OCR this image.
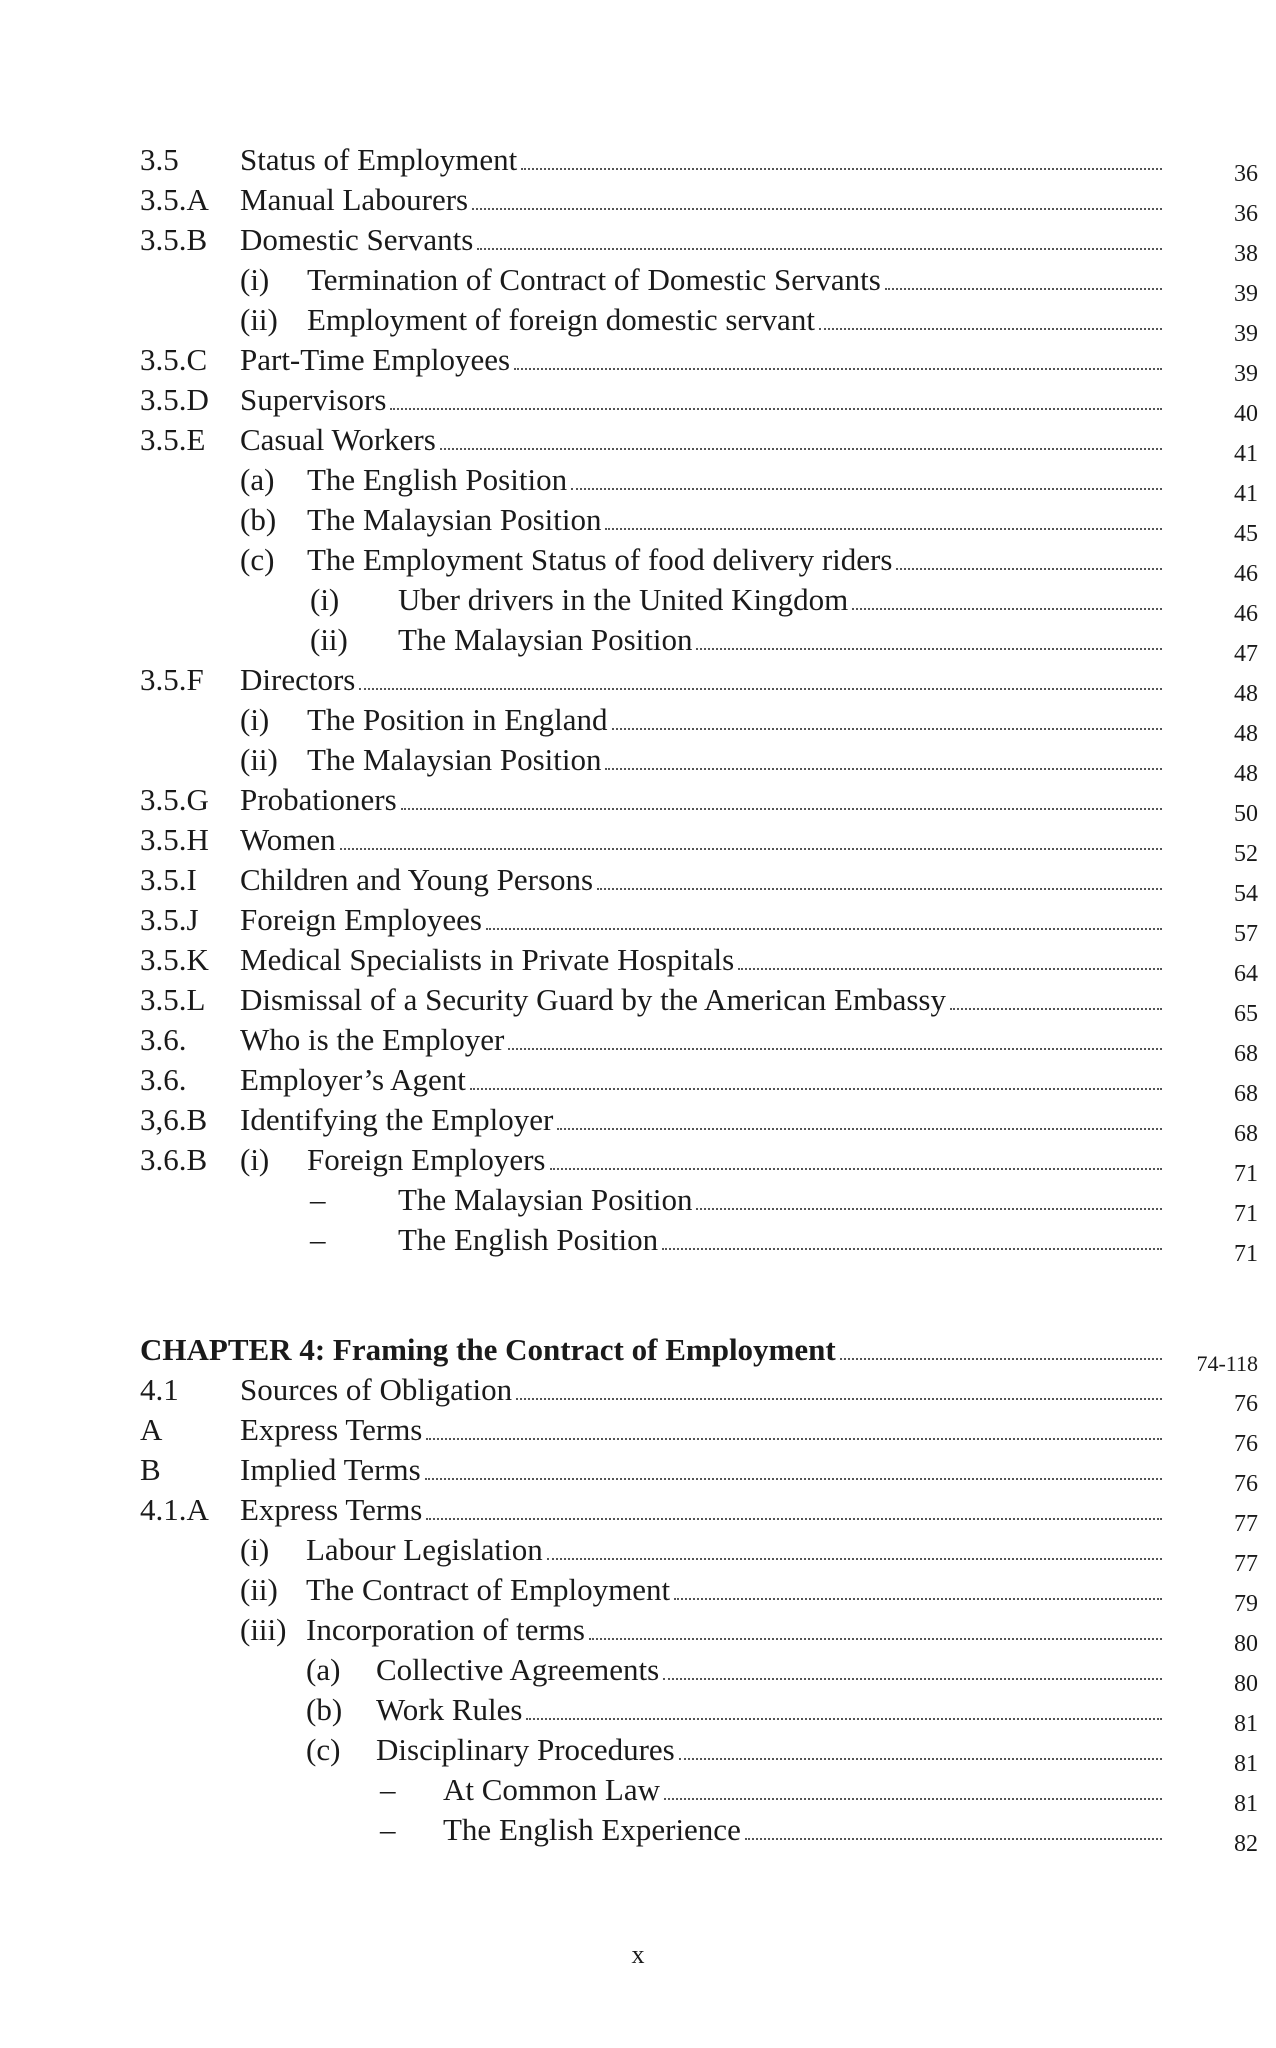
3.5 Status of Employment	36
3.5.A Manual Labourers	36
3.5.B Domestic Servants	38
(i) Termination of Contract of Domestic Servants	39
(ii) Employment of foreign domestic servant	39
3.5.C Part-Time Employees	39
3.5.D Supervisors	40
3.5.E Casual Workers	41
(a) The English Position	41
(b) The Malaysian Position	45
(c) The Employment Status of food delivery riders	46
(i) Uber drivers in the United Kingdom	46
(ii) The Malaysian Position	47
3.5.F Directors	48
(i) The Position in England	48
(ii) The Malaysian Position	48
3.5.G Probationers	50
3.5.H Women	52
3.5.I Children and Young Persons	54
3.5.J Foreign Employees	57
3.5.K Medical Specialists in Private Hospitals	64
3.5.L Dismissal of a Security Guard by the American Embassy	65
3.6. Who is the Employer	68
3.6. Employer’s Agent	68
3,6.B Identifying the Employer	68
3.6.B (i) Foreign Employers	71
– The Malaysian Position	71
– The English Position	71
CHAPTER 4: Framing the Contract of Employment	74-118
4.1 Sources of Obligation	76
A	Express Terms	76
B	Implied Terms	76
4.1.A Express Terms	77
(i) Labour Legislation	77
(ii) The Contract of Employment	79
(iii) Incorporation of terms	80
(a) Collective Agreements	80
(b) Work Rules	81
(c) Disciplinary Procedures	81
– At Common Law	81
– The English Experience	82
x
